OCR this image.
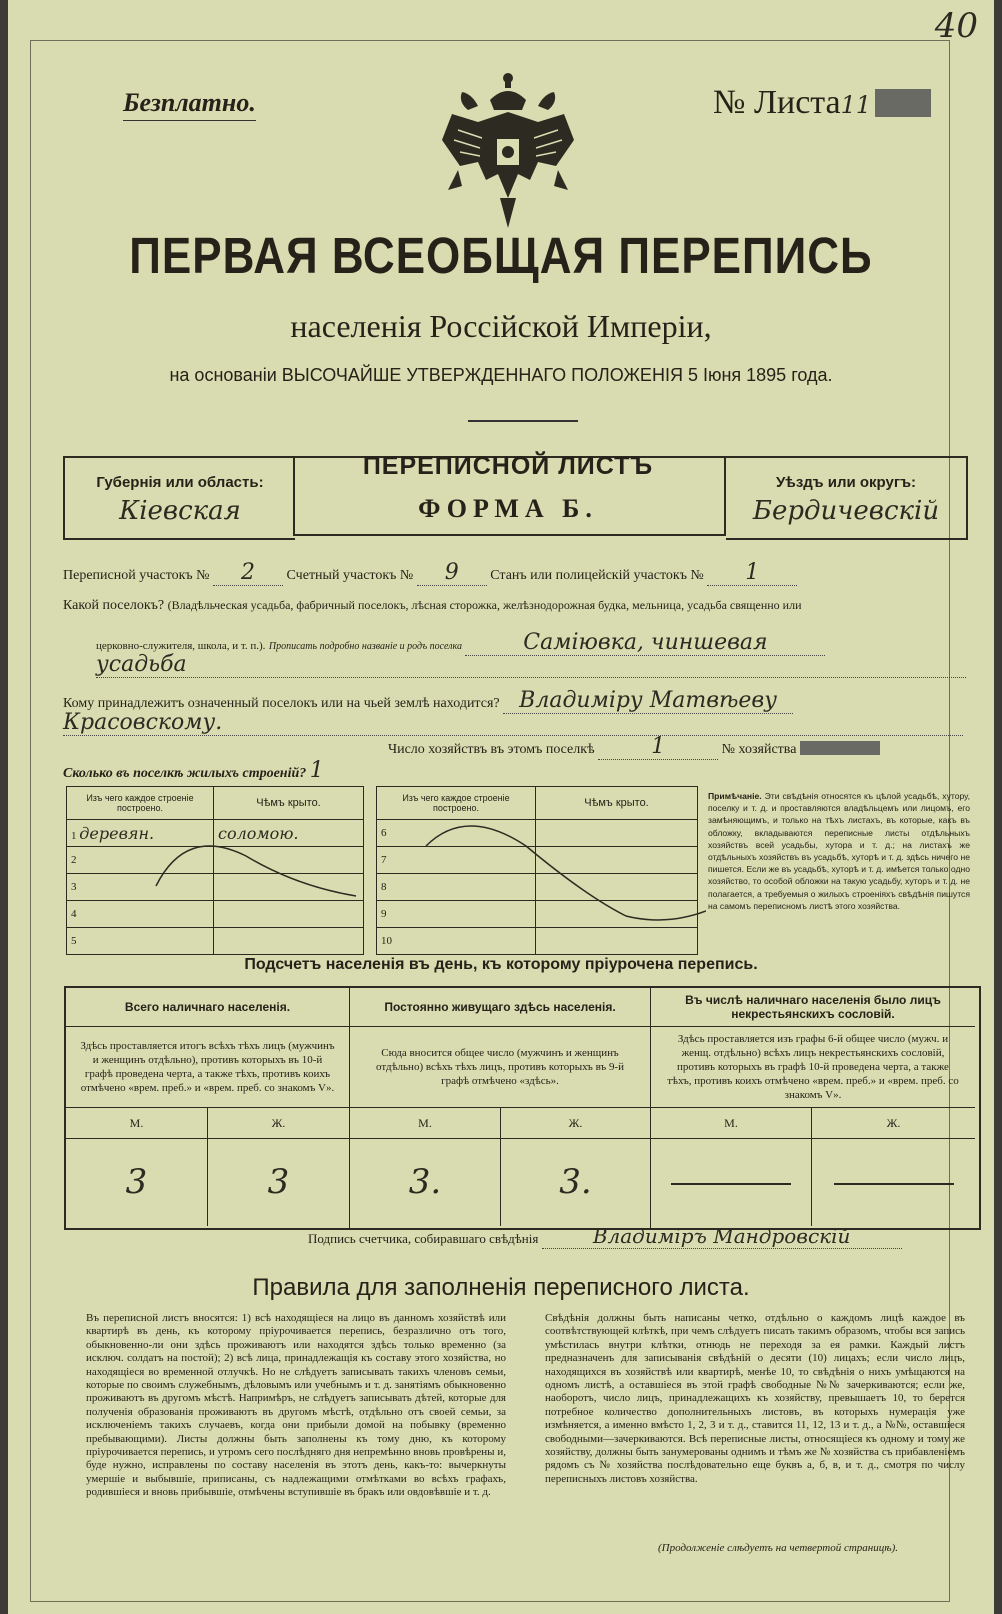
40
Безплатно.	№ Листа11
ПЕРВАЯ ВСЕОБЩАЯ ПЕРЕПИСЬ
населенія Россійской Имперіи,
на основаніи ВЫСОЧАЙШЕ УТВЕРЖДЕННАГО ПОЛОЖЕНІЯ 5 Іюня 1895 года.
Губернія или область:
Кіевская
ПЕРЕПИСНОЙ ЛИСТЪ
ФОРМА Б.
Уѣздъ или округъ:
Бердичевскій
Переписной участокъ № 2 Счетный участокъ № 9 Станъ или полицейскій участокъ № 1
Какой поселокъ? (Владѣльческая усадьба, фабричный поселокъ, лѣсная сторожка, желѣзнодорожная будка, мельница, усадьба священно или
церковно-служителя, школа, и т. п.). Прописать подробно названіе и родъ поселка	Саміювка, чиншевая
усадьба
Кому принадлежитъ означенный поселокъ или на чьей землѣ находится? Владиміру Матвѣеву
Красовскому.
Число хозяйствъ въ этомъ поселкѣ	1	№ хозяйства
Сколько въ поселкѣ жилыхъ строеній? 1
Изъ чего каждое строеніе построено.	Чѣмъ крыто.
1 деревян.	соломою.
2	
3	
4	
5	
Изъ чего каждое строеніе построено.	Чѣмъ крыто.
6	
7	
8	
9	
10	
Примѣчаніе. Эти свѣдѣнія относятся къ цѣлой усадьбѣ, хутору, поселку и т. д. и проставляются владѣльцемъ или лицомъ, его замѣняющимъ, и только на тѣхъ листахъ, въ которые, какъ въ обложку, вкладываются переписные листы отдѣльныхъ хозяйствъ всей усадьбы, хутора и т. д.; на листахъ же отдѣльныхъ хозяйствъ въ усадьбѣ, хуторѣ и т. д. здѣсь ничего не пишется. Если же въ усадьбѣ, хуторѣ и т. д. имѣется только одно хозяйство, то особой обложки на такую усадьбу, хуторъ и т. д. не полагается, а требуемыя о жилыхъ строеніяхъ свѣдѣнія пишутся на самомъ переписномъ листѣ этого хозяйства.
Подсчетъ населенія въ день, къ которому пріурочена перепись.
Всего наличнаго населенія.
Здѣсь проставляется итогъ всѣхъ тѣхъ лицъ (мужчинъ и женщинъ отдѣльно), противъ которыхъ въ 10-й графѣ проведена черта, а также тѣхъ, противъ коихъ отмѣчено «врем. преб.» и «врем. преб. со знакомъ V».
М.	Ж.
3	3
Постоянно живущаго здѣсь населенія.
Сюда вносится общее число (мужчинъ и женщинъ отдѣльно) всѣхъ тѣхъ лицъ, противъ которыхъ въ 9-й графѣ отмѣчено «здѣсь».
М.	Ж.
3.	3.
Въ числѣ наличнаго населенія было лицъ некрестьянскихъ сословій.
Здѣсь проставляется изъ графы 6-й общее число (мужч. и женщ. отдѣльно) всѣхъ лицъ некрестьянскихъ сословій, противъ которыхъ въ графѣ 10-й проведена черта, а также тѣхъ, противъ коихъ отмѣчено «врем. преб.» и «врем. преб. со знакомъ V».
М.	Ж.
Подпись счетчика, собиравшаго свѣдѣнія	Владиміръ Мандровскій
Правила для заполненія переписного листа.
Въ переписной листъ вносятся: 1) всѣ находящіеся на лицо въ данномъ хозяйствѣ или квартирѣ въ день, къ которому пріурочивается перепись, безразлично отъ того, обыкновенно-ли они здѣсь проживаютъ или находятся здѣсь только временно (за исключ. солдатъ на постой); 2) всѣ лица, принадлежащія къ составу этого хозяйства, но находящіеся во временной отлучкѣ. Но не слѣдуетъ записывать такихъ членовъ семьи, которые по своимъ служебнымъ, дѣловымъ или учебнымъ и т. д. занятіямъ обыкновенно проживаютъ въ другомъ мѣстѣ. Напримѣръ, не слѣдуетъ записывать дѣтей, которые для полученія образованія проживаютъ въ другомъ мѣстѣ, отдѣльно отъ своей семьи, за исключеніемъ такихъ случаевъ, когда они прибыли домой на побывку (временно пребывающими). Листы должны быть заполнены къ тому дню, къ которому пріурочивается перепись, и утромъ сего послѣдняго дня непремѣнно вновь провѣрены и, буде нужно, исправлены по составу населенія въ этотъ день, какъ-то: вычеркнуты умершіе и выбывшіе, приписаны, съ надлежащими отмѣтками во всѣхъ графахъ, родившіеся и вновь прибывшіе, отмѣчены вступившіе въ бракъ или овдовѣвшіе и т. д.
Свѣдѣнія должны быть написаны четко, отдѣльно о каждомъ лицѣ каждое въ соотвѣтствующей клѣткѣ, при чемъ слѣдуетъ писать такимъ образомъ, чтобы вся запись умѣстилась внутри клѣтки, отнюдь не переходя за ея рамки. Каждый листъ предназначенъ для записыванія свѣдѣній о десяти (10) лицахъ; если число лицъ, находящихся въ хозяйствѣ или квартирѣ, менѣе 10, то свѣдѣнія о нихъ умѣщаются на одномъ листѣ, а оставшіеся въ этой графѣ свободные №№ зачеркиваются; если же, наоборотъ, число лицъ, принадлежащихъ къ хозяйству, превышаетъ 10, то берется потребное количество дополнительныхъ листовъ, въ которыхъ нумерація уже измѣняется, а именно вмѣсто 1, 2, 3 и т. д., ставится 11, 12, 13 и т. д., а №№, оставшіеся свободными—зачеркиваются. Всѣ переписные листы, относящіеся къ одному и тому же хозяйству, должны быть занумерованы однимъ и тѣмъ же № хозяйства съ прибавленіемъ рядомъ съ № хозяйства послѣдовательно еще буквъ а, б, в, и т. д., смотря по числу переписныхъ листовъ хозяйства.
(Продолженіе слѣдуетъ на четвертой страницѣ).
